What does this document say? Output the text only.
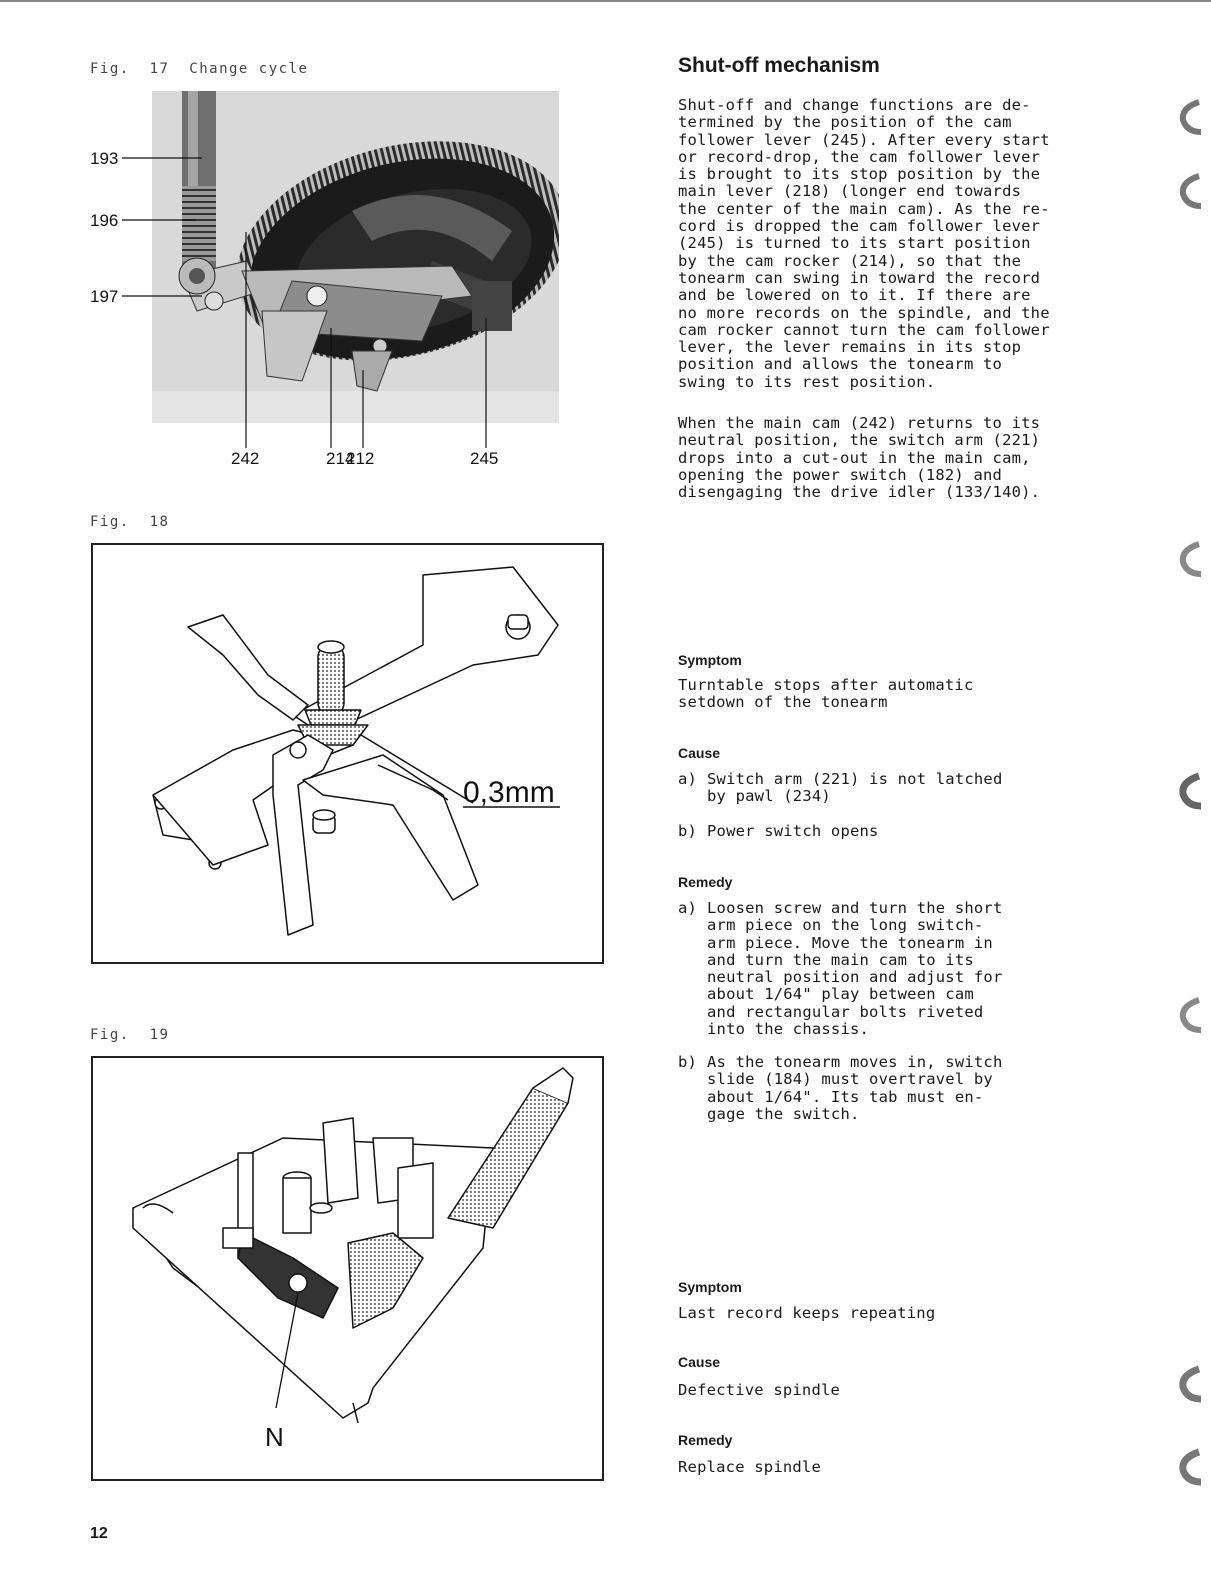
Fig.  17  Change cycle
193
196
197
242	214
212	245
Fig.  18
0,3mm
Fig.  19
N
Shut-off mechanism
Shut-off and change functions are de-
termined by the position of the cam
follower lever (245). After every start
or record-drop, the cam follower lever
is brought to its stop position by the
main lever (218) (longer end towards
the center of the main cam). As the re-
cord is dropped the cam follower lever
(245) is turned to its start position
by the cam rocker (214), so that the
tonearm can swing in toward the record
and be lowered on to it. If there are
no more records on the spindle, and the
cam rocker cannot turn the cam follower
lever, the lever remains in its stop
position and allows the tonearm to
swing to its rest position.
When the main cam (242) returns to its
neutral position, the switch arm (221)
drops into a cut-out in the main cam,
opening the power switch (182) and
disengaging the drive idler (133/140).
Symptom
Turntable stops after automatic
setdown of the tonearm
Cause

a)

Switch arm (221) is not latched
by pawl (234)

b)

Power switch opens

Remedy

a)

Loosen screw and turn the short
arm piece on the long switch-
arm piece. Move the tonearm in
and turn the main cam to its
neutral position and adjust for
about 1/64" play between cam
and rectangular bolts riveted
into the chassis.

b)

As the tonearm moves in, switch
slide (184) must overtravel by
about 1/64". Its tab must en-
gage the switch.

Symptom
Last record keeps repeating
Cause
Defective spindle
Remedy
Replace spindle
12
